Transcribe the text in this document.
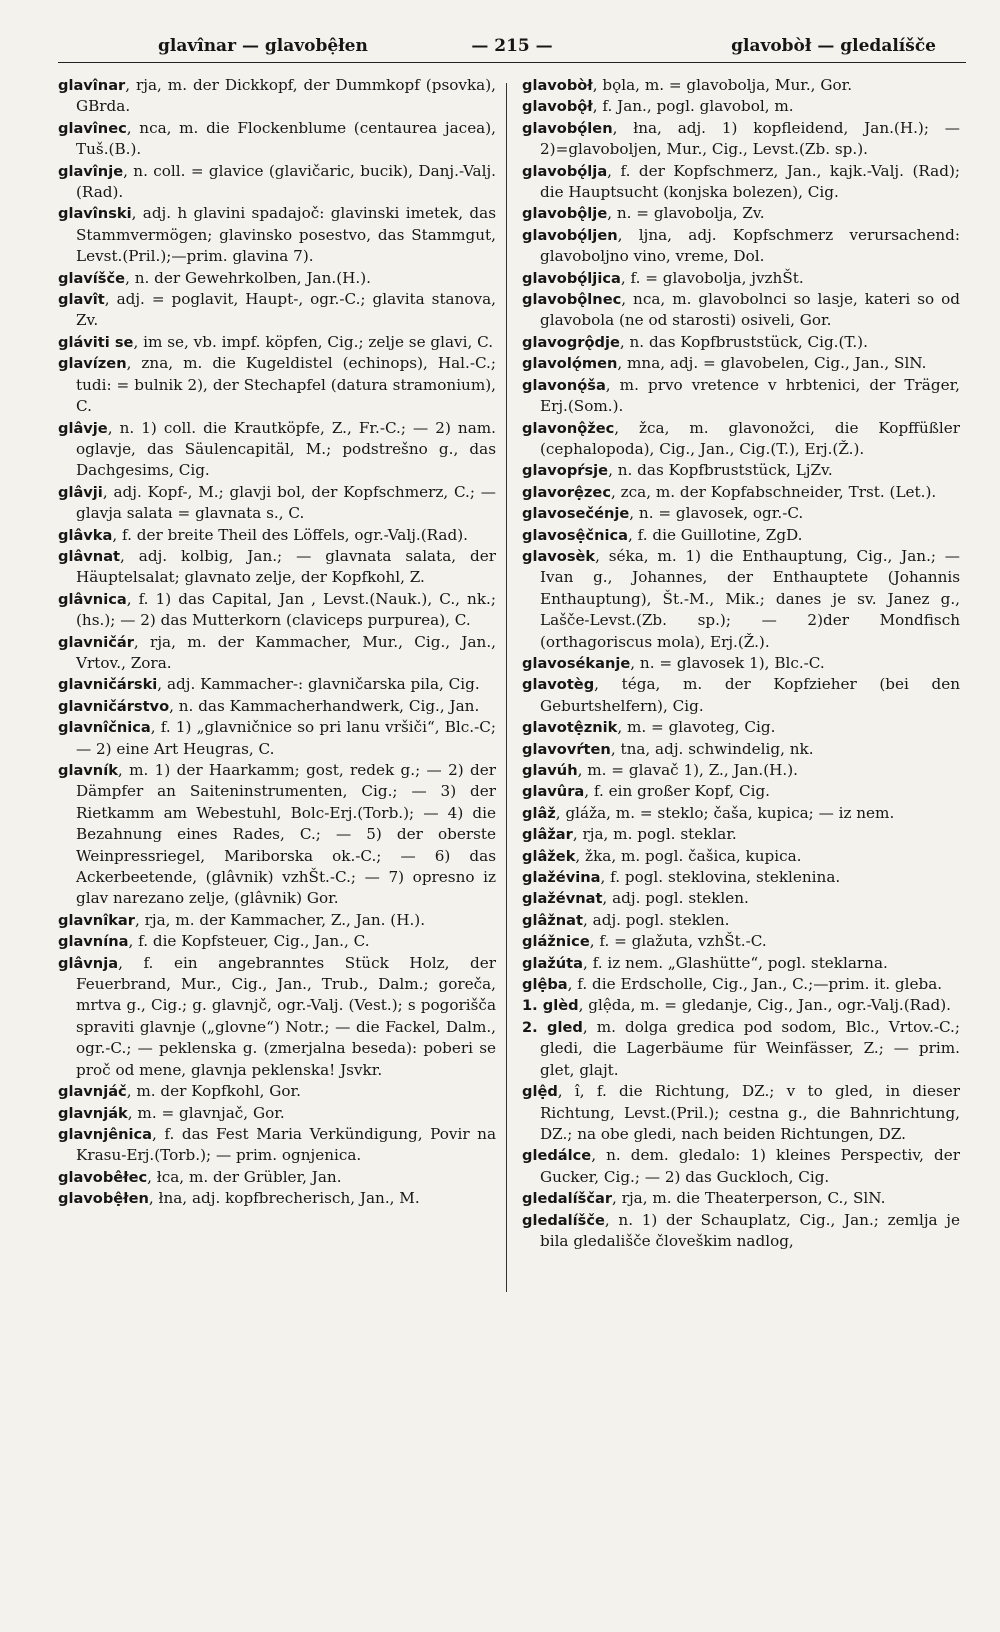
glavînar — glavobệłen	— 215 —	glavobòł — gledalíšče

glavînar, rja, m. der Dickkopf, der Dummkopf (psovka), GBrda.

glavînec, nca, m. die Flockenblume (centaurea jacea), Tuš.(B.).

glavînje, n. coll. = glavice (glavičaric, bucik), Danj.-Valj.(Rad).

glavînski, adj. h glavini spadajoč: glavinski imetek, das Stammvermögen; glavinsko posestvo, das Stammgut, Levst.(Pril.);—prim. glavina 7).

glavíšče, n. der Gewehrkolben, Jan.(H.).

glavît, adj. = poglavit, Haupt-, ogr.-C.; glavita stanova, Zv.

gláviti se, im se, vb. impf. köpfen, Cig.; zelje se glavi, C.

glavízen, zna, m. die Kugeldistel (echinops), Hal.-C.; tudi: = bulnik 2), der Stechapfel (datura stramonium), C.

glâvje, n. 1) coll. die Krautköpfe, Z., Fr.-C.; — 2) nam. oglavje, das Säulencapitäl, M.; podstrešno g., das Dachgesims, Cig.

glâvji, adj. Kopf-, M.; glavji bol, der Kopfschmerz, C.; — glavja salata = glavnata s., C.

glâvka, f. der breite Theil des Löffels, ogr.-Valj.(Rad).

glâvnat, adj. kolbig, Jan.; — glavnata salata, der Häuptelsalat; glavnato zelje, der Kopfkohl, Z.

glâvnica, f. 1) das Capital, Jan , Levst.(Nauk.), C., nk.; (hs.); — 2) das Mutterkorn (claviceps purpurea), C.

glavničár, rja, m. der Kammacher, Mur., Cig., Jan., Vrtov., Zora.

glavničárski, adj. Kammacher-: glavničarska pila, Cig.

glavničárstvo, n. das Kammacherhandwerk, Cig., Jan.

glavnîčnica, f. 1) „glavničnice so pri lanu vršiči“, Blc.-C; — 2) eine Art Heugras, C.

glavník, m. 1) der Haarkamm; gost, redek g.; — 2) der Dämpfer an Saiteninstrumenten, Cig.; — 3) der Rietkamm am Webestuhl, Bolc-Erj.(Torb.); — 4) die Bezahnung eines Rades, C.; — 5) der oberste Weinpressriegel, Mariborska ok.-C.; — 6) das Ackerbeetende, (glâvnik) vzhŠt.-C.; — 7) opresno iz glav narezano zelje, (glâvnik) Gor.

glavnîkar, rja, m. der Kammacher, Z., Jan. (H.).

glavnína, f. die Kopfsteuer, Cig., Jan., C.

glâvnja, f. ein angebranntes Stück Holz, der Feuerbrand, Mur., Cig., Jan., Trub., Dalm.; goreča, mrtva g., Cig.; g. glavnjč, ogr.-Valj. (Vest.); s pogorišča spraviti glavnje („glovne“) Notr.; — die Fackel, Dalm., ogr.-C.; — peklenska g. (zmerjalna beseda): poberi se proč od mene, glavnja peklenska! Jsvkr.

glavnjáč, m. der Kopfkohl, Gor.

glavnják, m. = glavnjač, Gor.

glavnjênica, f. das Fest Maria Verkündigung, Povir na Krasu-Erj.(Torb.); — prim. ognjenica.

glavobêłec, łca, m. der Grübler, Jan.

glavobệłen, łna, adj. kopfbrecherisch, Jan., M.

glavobòł, bǫla, m. = glavobolja, Mur., Gor.

glavobǫ̂ł, f. Jan., pogl. glavobol, m.

glavobǫ́len, łna, adj. 1) kopfleidend, Jan.(H.); — 2)=glavoboljen, Mur., Cig., Levst.(Zb. sp.).

glavobǫ́lja, f. der Kopfschmerz, Jan., kajk.-Valj. (Rad); die Hauptsucht (konjska bolezen), Cig.

glavobǫ̂lje, n. = glavobolja, Zv.

glavobǫ́ljen, ljna, adj. Kopfschmerz verursachend: glavoboljno vino, vreme, Dol.

glavobǫ́ljica, f. = glavobolja, jvzhŠt.

glavobǫ̂lnec, nca, m. glavobolnci so lasje, kateri so od glavobola (ne od starosti) osiveli, Gor.

glavogrǫ̂dje, n. das Kopfbruststück, Cig.(T.).

glavolǫ́men, mna, adj. = glavobelen, Cig., Jan., SlN.

glavonǫ́ša, m. prvo vretence v hrbtenici, der Träger, Erj.(Som.).

glavonǫ̂žec, žca, m. glavonožci, die Kopffüßler (cephalopoda), Cig., Jan., Cig.(T.), Erj.(Ž.).

glavopŕsje, n. das Kopfbruststück, LjZv.

glavorệzec, zca, m. der Kopfabschneider, Trst. (Let.).

glavosečénje, n. = glavosek, ogr.-C.

glavosệčnica, f. die Guillotine, ZgD.

glavosèk, séka, m. 1) die Enthauptung, Cig., Jan.; — Ivan g., Johannes, der Enthauptete (Johannis Enthauptung), Št.-M., Mik.; danes je sv. Janez g., Lašče-Levst.(Zb. sp.); — 2)der Mondfisch (orthagoriscus mola), Erj.(Ž.).

glavosékanje, n. = glavosek 1), Blc.-C.

glavotèg, téga, m. der Kopfzieher (bei den Geburtshelfern), Cig.

glavotệznik, m. = glavoteg, Cig.

glavovŕten, tna, adj. schwindelig, nk.

glavúh, m. = glavač 1), Z., Jan.(H.).

glavûra, f. ein großer Kopf, Cig.

glâž, gláža, m. = steklo; čaša, kupica; — iz nem.

glâžar, rja, m. pogl. steklar.

glâžek, žka, m. pogl. čašica, kupica.

glažévina, f. pogl. steklovina, steklenina.

glažévnat, adj. pogl. steklen.

glâžnat, adj. pogl. steklen.

glážnice, f. = glažuta, vzhŠt.-C.

glažúta, f. iz nem. „Glashütte“, pogl. steklarna.

glệba, f. die Erdscholle, Cig., Jan., C.;—prim. it. gleba.

1. glèd, glệda, m. = gledanje, Cig., Jan., ogr.-Valj.(Rad).

2. gled, m. dolga gredica pod sodom, Blc., Vrtov.-C.; gledi, die Lagerbäume für Weinfässer, Z.; — prim. glet, glajt.

glệd, î, f. die Richtung, DZ.; v to gled, in dieser Richtung, Levst.(Pril.); cestna g., die Bahnrichtung, DZ.; na obe gledi, nach beiden Richtungen, DZ.

gledálce, n. dem. gledalo: 1) kleines Perspectiv, der Gucker, Cig.; — 2) das Guckloch, Cig.

gledalíščar, rja, m. die Theaterperson, C., SlN.

gledalíšče, n. 1) der Schauplatz, Cig., Jan.; zemlja je bila gledališče človeškim nadlog,
